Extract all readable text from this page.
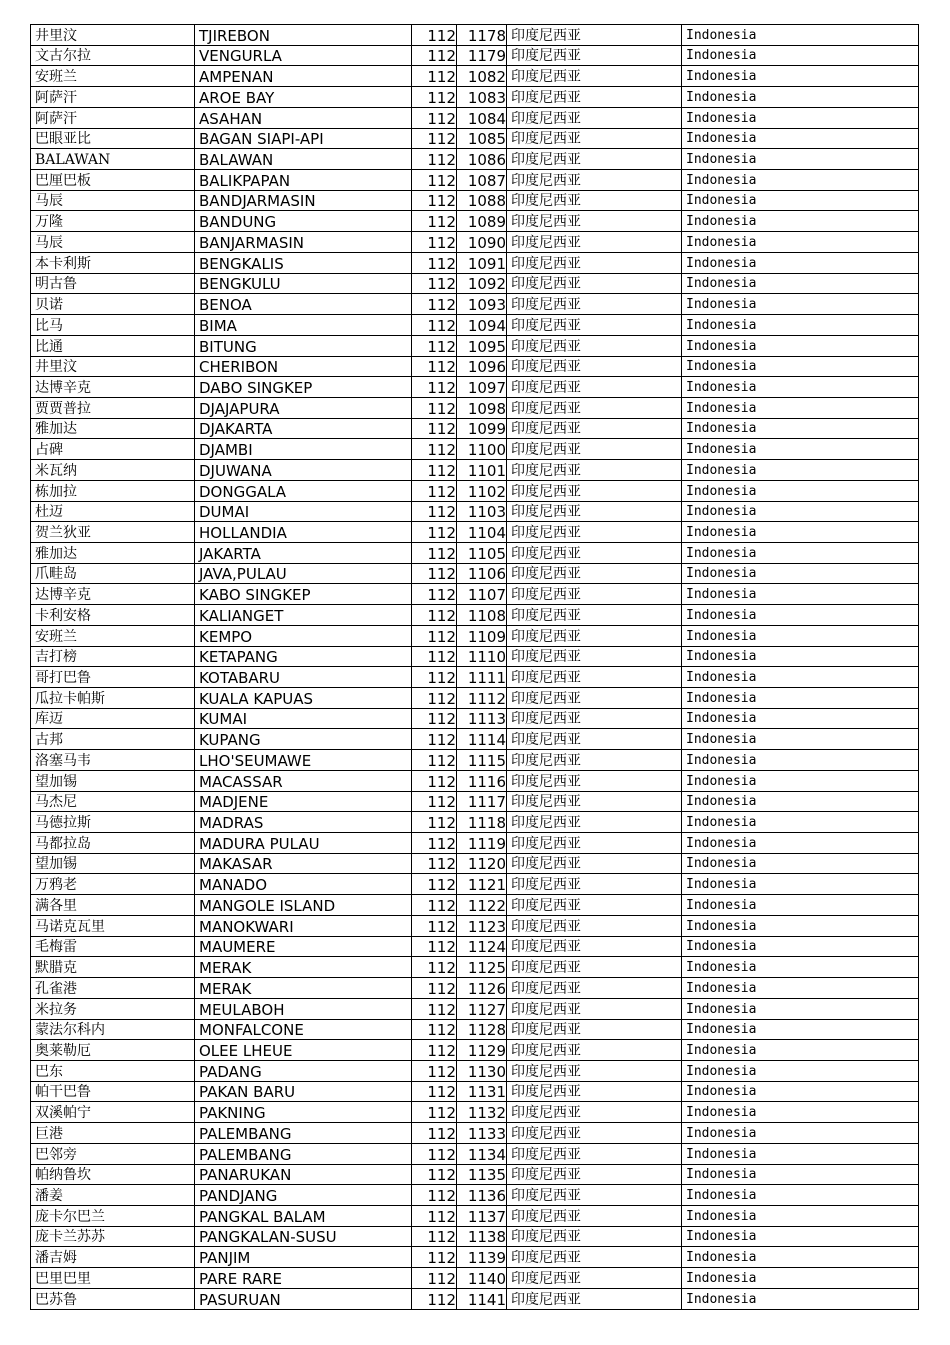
井里汶	TJIREBON	112	1178	印度尼西亚	Indonesia
文古尔拉	VENGURLA	112	1179	印度尼西亚	Indonesia
安班兰	AMPENAN	112	1082	印度尼西亚	Indonesia
阿萨汗	AROE BAY	112	1083	印度尼西亚	Indonesia
阿萨汗	ASAHAN	112	1084	印度尼西亚	Indonesia
巴眼亚比	BAGAN SIAPI-API	112	1085	印度尼西亚	Indonesia
BALAWAN	BALAWAN	112	1086	印度尼西亚	Indonesia
巴厘巴板	BALIKPAPAN	112	1087	印度尼西亚	Indonesia
马辰	BANDJARMASIN	112	1088	印度尼西亚	Indonesia
万隆	BANDUNG	112	1089	印度尼西亚	Indonesia
马辰	BANJARMASIN	112	1090	印度尼西亚	Indonesia
本卡利斯	BENGKALIS	112	1091	印度尼西亚	Indonesia
明古鲁	BENGKULU	112	1092	印度尼西亚	Indonesia
贝诺	BENOA	112	1093	印度尼西亚	Indonesia
比马	BIMA	112	1094	印度尼西亚	Indonesia
比通	BITUNG	112	1095	印度尼西亚	Indonesia
井里汶	CHERIBON	112	1096	印度尼西亚	Indonesia
达博辛克	DABO SINGKEP	112	1097	印度尼西亚	Indonesia
贾贾普拉	DJAJAPURA	112	1098	印度尼西亚	Indonesia
雅加达	DJAKARTA	112	1099	印度尼西亚	Indonesia
占碑	DJAMBI	112	1100	印度尼西亚	Indonesia
米瓦纳	DJUWANA	112	1101	印度尼西亚	Indonesia
栋加拉	DONGGALA	112	1102	印度尼西亚	Indonesia
杜迈	DUMAI	112	1103	印度尼西亚	Indonesia
贺兰狄亚	HOLLANDIA	112	1104	印度尼西亚	Indonesia
雅加达	JAKARTA	112	1105	印度尼西亚	Indonesia
爪畦岛	JAVA,PULAU	112	1106	印度尼西亚	Indonesia
达博辛克	KABO SINGKEP	112	1107	印度尼西亚	Indonesia
卡利安格	KALIANGET	112	1108	印度尼西亚	Indonesia
安班兰	KEMPO	112	1109	印度尼西亚	Indonesia
吉打榜	KETAPANG	112	1110	印度尼西亚	Indonesia
哥打巴鲁	KOTABARU	112	1111	印度尼西亚	Indonesia
瓜拉卡帕斯	KUALA KAPUAS	112	1112	印度尼西亚	Indonesia
库迈	KUMAI	112	1113	印度尼西亚	Indonesia
古邦	KUPANG	112	1114	印度尼西亚	Indonesia
洛塞马韦	LHO'SEUMAWE	112	1115	印度尼西亚	Indonesia
望加锡	MACASSAR	112	1116	印度尼西亚	Indonesia
马杰尼	MADJENE	112	1117	印度尼西亚	Indonesia
马德拉斯	MADRAS	112	1118	印度尼西亚	Indonesia
马都拉岛	MADURA PULAU	112	1119	印度尼西亚	Indonesia
望加锡	MAKASAR	112	1120	印度尼西亚	Indonesia
万鸦老	MANADO	112	1121	印度尼西亚	Indonesia
满各里	MANGOLE ISLAND	112	1122	印度尼西亚	Indonesia
马诺克瓦里	MANOKWARI	112	1123	印度尼西亚	Indonesia
毛梅雷	MAUMERE	112	1124	印度尼西亚	Indonesia
默腊克	MERAK	112	1125	印度尼西亚	Indonesia
孔雀港	MERAK	112	1126	印度尼西亚	Indonesia
米拉务	MEULABOH	112	1127	印度尼西亚	Indonesia
蒙法尔科内	MONFALCONE	112	1128	印度尼西亚	Indonesia
奥莱勒厄	OLEE LHEUE	112	1129	印度尼西亚	Indonesia
巴东	PADANG	112	1130	印度尼西亚	Indonesia
帕干巴鲁	PAKAN BARU	112	1131	印度尼西亚	Indonesia
双溪帕宁	PAKNING	112	1132	印度尼西亚	Indonesia
巨港	PALEMBANG	112	1133	印度尼西亚	Indonesia
巴邻旁	PALEMBANG	112	1134	印度尼西亚	Indonesia
帕纳鲁坎	PANARUKAN	112	1135	印度尼西亚	Indonesia
潘姜	PANDJANG	112	1136	印度尼西亚	Indonesia
庞卡尔巴兰	PANGKAL BALAM	112	1137	印度尼西亚	Indonesia
庞卡兰苏苏	PANGKALAN-SUSU	112	1138	印度尼西亚	Indonesia
潘吉姆	PANJIM	112	1139	印度尼西亚	Indonesia
巴里巴里	PARE RARE	112	1140	印度尼西亚	Indonesia
巴苏鲁	PASURUAN	112	1141	印度尼西亚	Indonesia
